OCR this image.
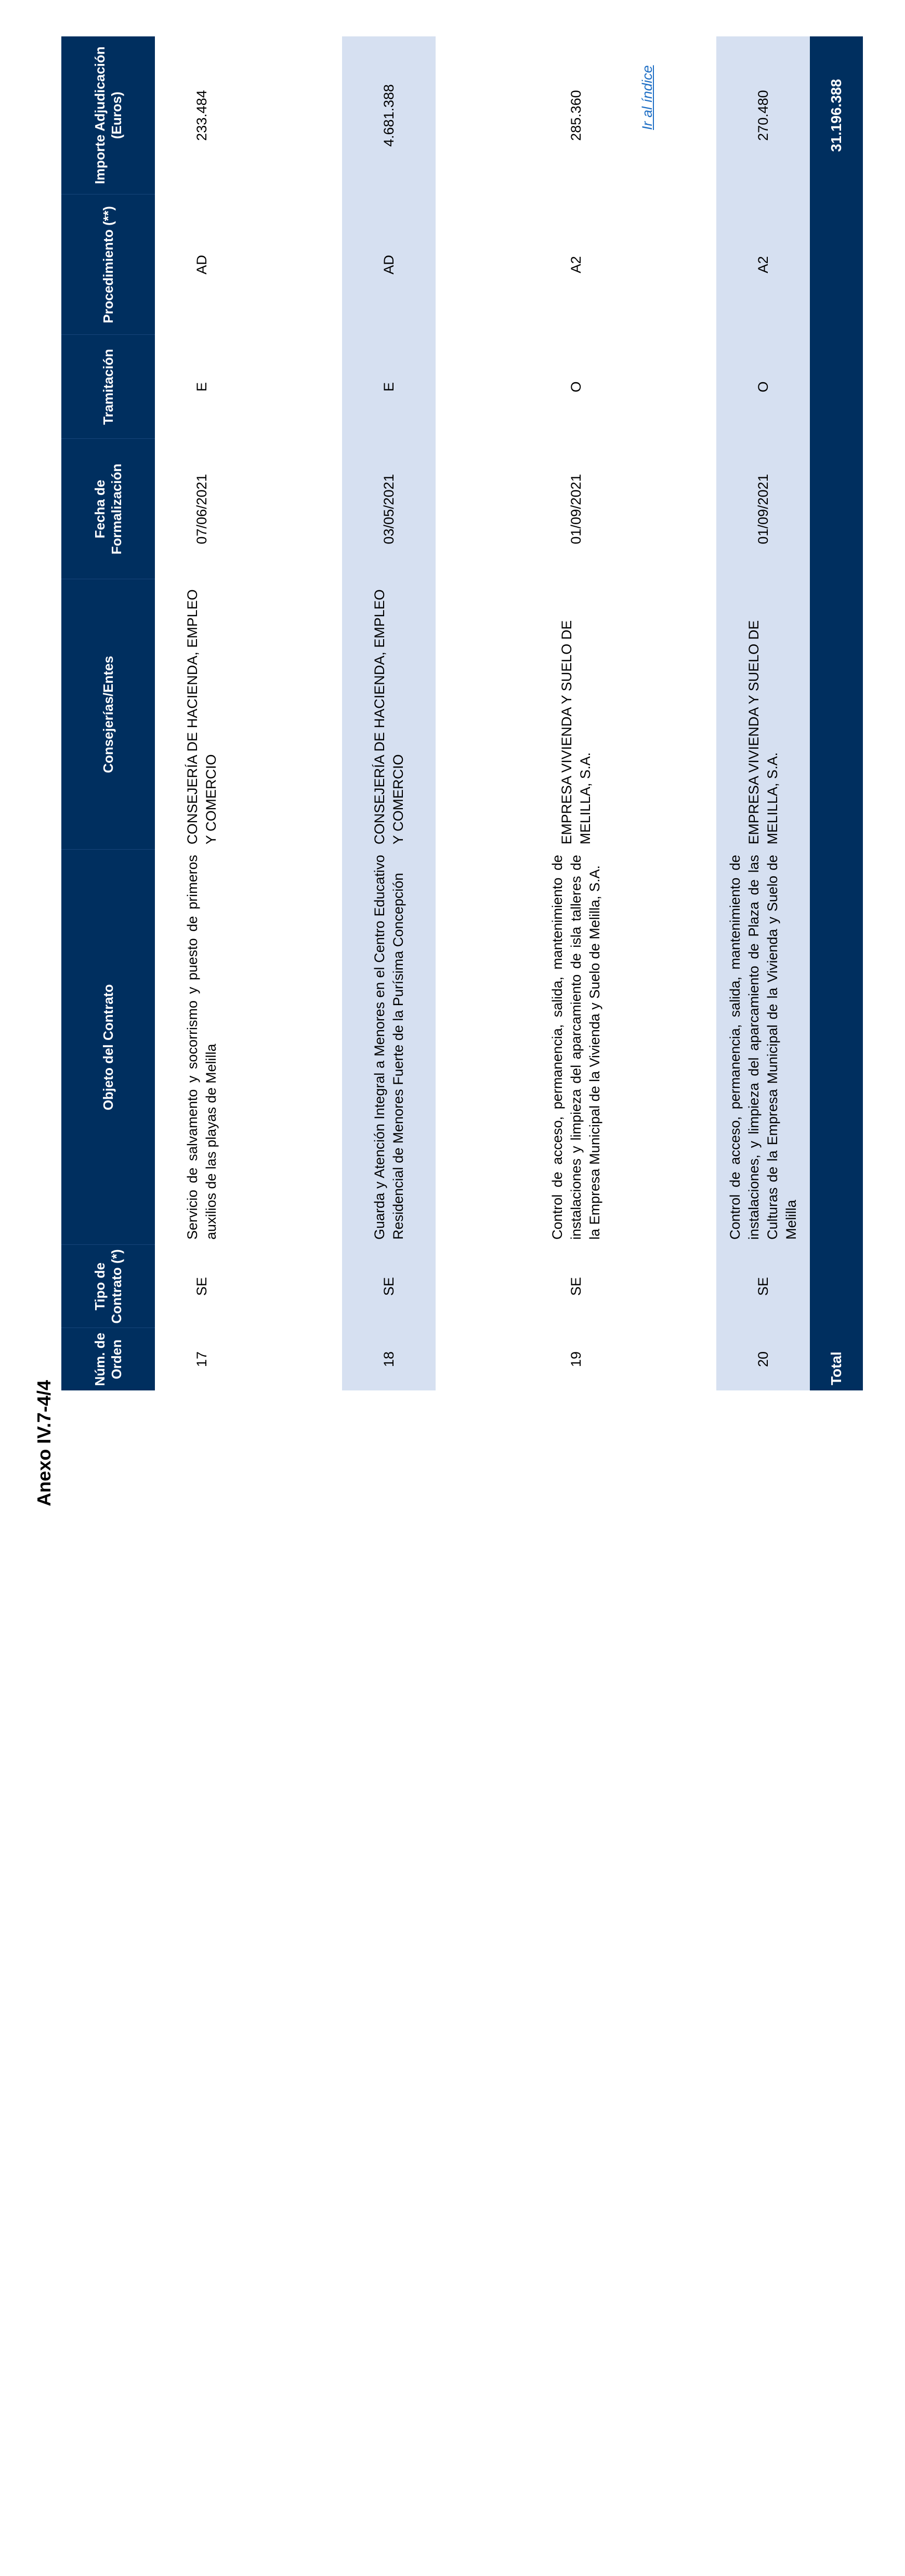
Anexo IV.7-4/4
Núm. de Orden	Tipo de Contrato (*)	Objeto del Contrato	Consejerías/Entes	Fecha de Formalización	Tramitación	Procedimiento (**)	Importe Adjudicación (Euros)
17	SE	Servicio de salvamento y socorrismo y puesto de primeros auxilios de las playas de Melilla	CONSEJERÍA DE HACIENDA, EMPLEO Y COMERCIO	07/06/2021	E	AD	233.484

18	SE	Guarda y Atención Integral a Menores en el Centro Educativo Residencial de Menores Fuerte de la Purísima Concepción	CONSEJERÍA DE HACIENDA, EMPLEO Y COMERCIO	03/05/2021	E	AD	4.681.388

19	SE	Control de acceso, permanencia, salida, mantenimiento de instalaciones y limpieza del aparcamiento de isla talleres de la Empresa Municipal de la Vivienda y Suelo de Melilla, S.A.	EMPRESA VIVIENDA Y SUELO DE MELILLA, S.A.	01/09/2021	O	A2	285.360

20	SE	Control de acceso, permanencia, salida, mantenimiento de instalaciones, y limpieza del aparcamiento de Plaza de las Culturas de la Empresa Municipal de la Vivienda y Suelo de Melilla	EMPRESA VIVIENDA Y SUELO DE MELILLA, S.A.	01/09/2021	O	A2	270.480
Total							31.196.388
Ir al índice
